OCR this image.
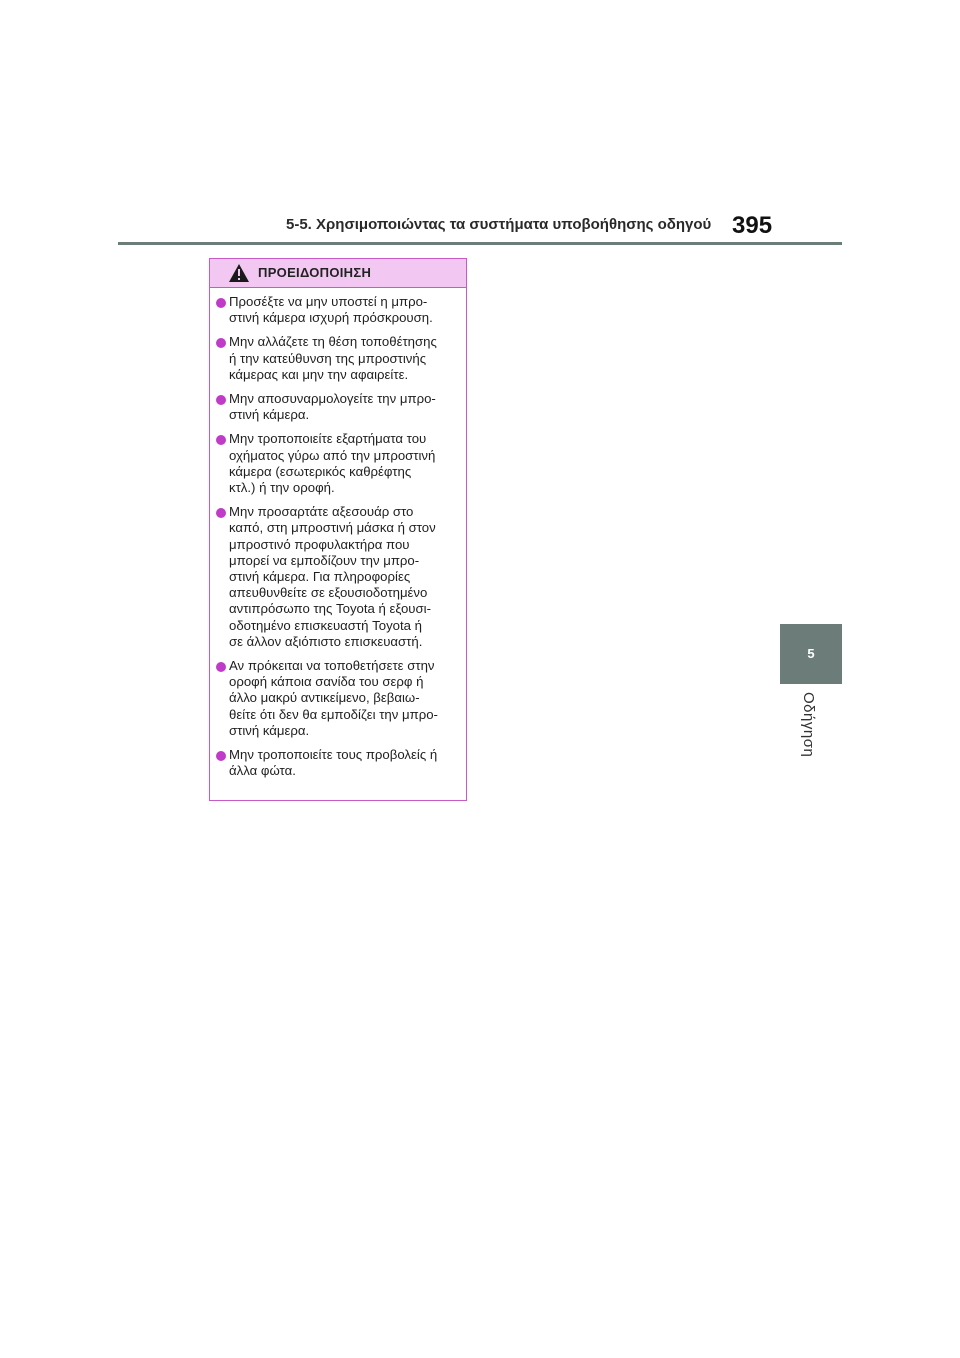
5-5. Χρησιμοποιώντας τα συστήματα υποβοήθησης οδηγού 395
5
Οδήγηση
ΠΡΟΕΙΔΟΠΟΙΗΣΗ
Προσέξτε να μην υποστεί η μπρο-
στινή κάμερα ισχυρή πρόσκρουση.
Μην αλλάζετε τη θέση τοποθέτησης
ή την κατεύθυνση της μπροστινής
κάμερας και μην την αφαιρείτε.
Μην αποσυναρμολογείτε την μπρο-
στινή κάμερα.
Μην τροποποιείτε εξαρτήματα του
οχήματος γύρω από την μπροστινή
κάμερα (εσωτερικός καθρέφτης
κτλ.) ή την οροφή.
Μην προσαρτάτε αξεσουάρ στο
καπό, στη μπροστινή μάσκα ή στον
μπροστινό προφυλακτήρα που
μπορεί να εμποδίζουν την μπρο-
στινή κάμερα. Για πληροφορίες
απευθυνθείτε σε εξουσιοδοτημένο
αντιπρόσωπο της Toyota ή εξουσι-
οδοτημένο επισκευαστή Toyota ή
σε άλλον αξιόπιστο επισκευαστή.
Αν πρόκειται να τοποθετήσετε στην
οροφή κάποια σανίδα του σερφ ή
άλλο μακρύ αντικείμενο, βεβαιω-
θείτε ότι δεν θα εμποδίζει την μπρο-
στινή κάμερα.
Μην τροποποιείτε τους προβολείς ή
άλλα φώτα.
